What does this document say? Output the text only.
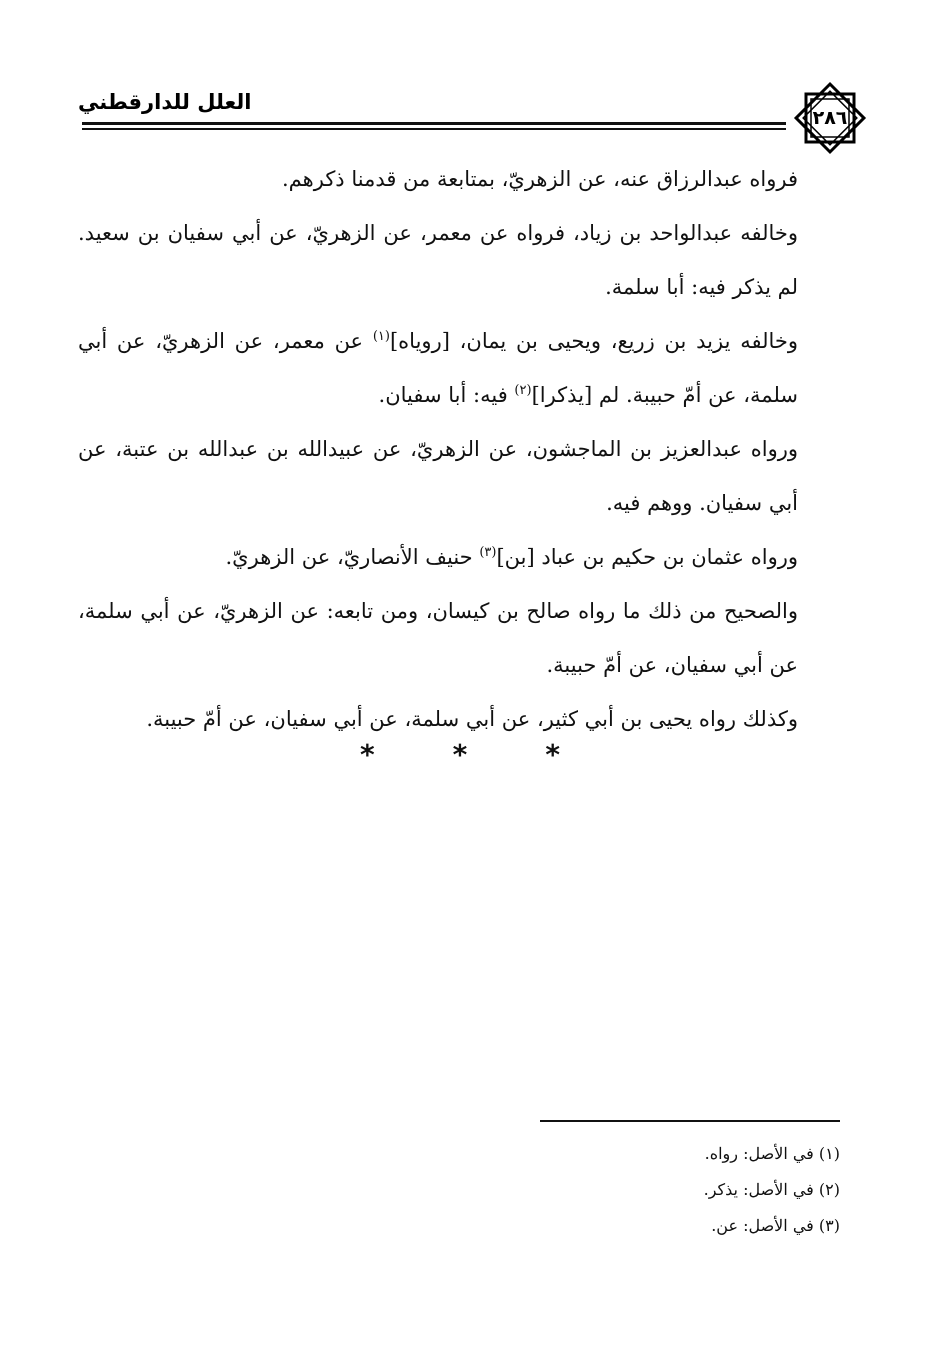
٢٨٦
العلل للدارقطني

فرواه عبدالرزاق عنه، عن الزهريّ، بمتابعة من قدمنا ذكرهم.

وخالفه عبدالواحد بن زياد، فرواه عن معمر، عن الزهريّ، عن أبي سفيان بن سعيد. لم يذكر فيه: أبا سلمة.

وخالفه يزيد بن زريع، ويحيى بن يمان، [روياه]$^{(١)}$ عن معمر، عن الزهريّ، عن أبي سلمة، عن أمّ حبيبة. لم [يذكرا]$^{(٢)}$ فيه: أبا سفيان.

ورواه عبدالعزيز بن الماجشون، عن الزهريّ، عن عبيدالله بن عبدالله بن عتبة، عن أبي سفيان. ووهم فيه.

ورواه عثمان بن حكيم بن عباد [بن]$^{(٣)}$ حنيف الأنصاريّ، عن الزهريّ.

والصحيح من ذلك ما رواه صالح بن كيسان، ومن تابعه: عن الزهريّ، عن أبي سلمة، عن أبي سفيان، عن أمّ حبيبة.

وكذلك رواه يحيى بن أبي كثير، عن أبي سلمة، عن أبي سفيان، عن أمّ حبيبة.

*	*	*
(١) في الأصل: رواه.
(٢) في الأصل: يذكر.
(٣) في الأصل: عن.
